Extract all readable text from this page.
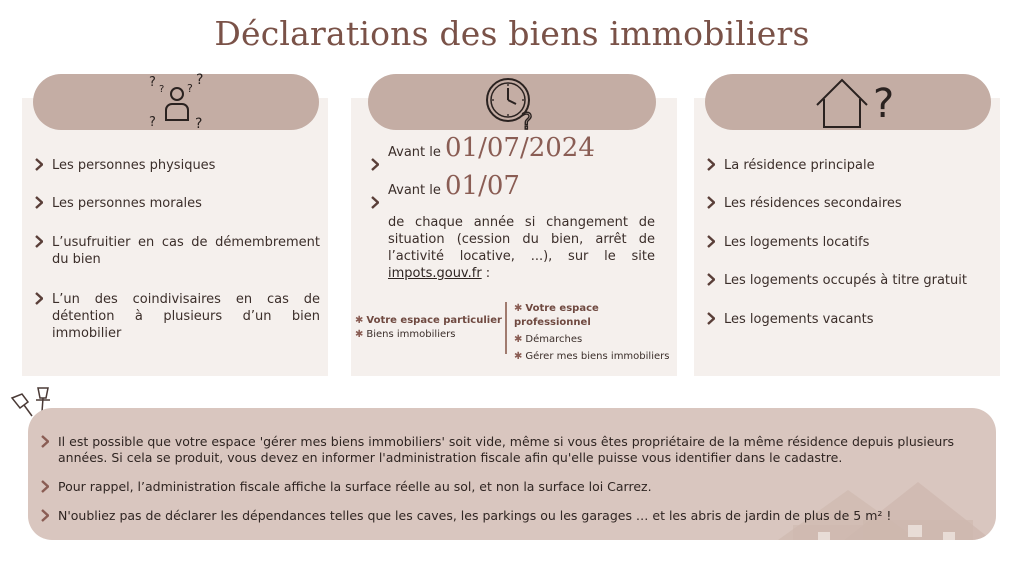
Déclarations des biens immobiliers
? ? ?
?
?	?
Les personnes physiques
Les personnes morales
L’usufruitier en cas de démembrement du bien
L’un des coindivisaires en cas de détention à plusieurs d’un bien immobilier
?
Avant le 01/07/2024
Avant le 01/07
de chaque année si changement de situation (cession du bien, arrêt de l’activité locative, ...), sur le site impots.gouv.fr :
✱ Votre espace particulier
✱ Biens immobiliers
✱ Votre espace professionnel
✱ Démarches
✱ Gérer mes biens immobiliers
?
La résidence principale
Les résidences secondaires
Les logements locatifs
Les logements occupés à titre gratuit
Les logements vacants
Il est possible que votre espace 'gérer mes biens immobiliers' soit vide, même si vous êtes propriétaire de la même résidence depuis plusieurs années. Si cela se produit, vous devez en informer l'administration fiscale afin qu'elle puisse vous identifier dans le cadastre.
Pour rappel, l’administration fiscale affiche la surface réelle au sol, et non la surface loi Carrez.
N'oubliez pas de déclarer les dépendances telles que les caves, les parkings ou les garages … et les abris de jardin de plus de 5 m² !
